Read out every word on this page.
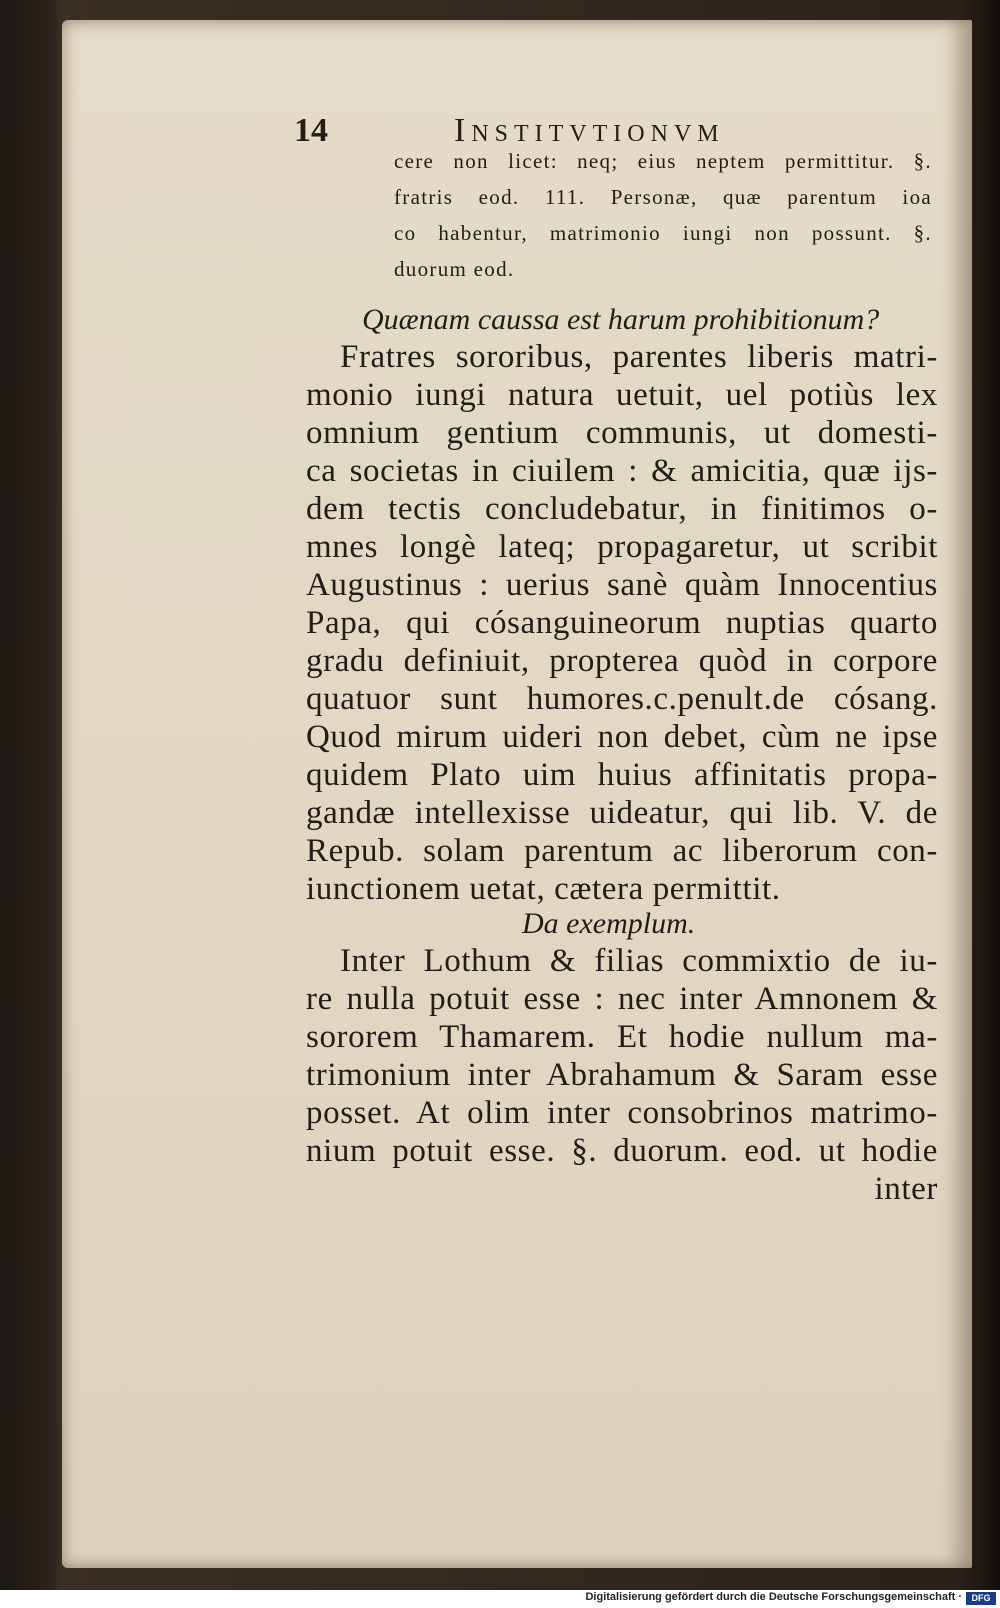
14	Institvtionvm
cere non licet: neq; eius neptem permittitur. §.
fratris eod. 111. Personæ, quæ parentum ioa
co habentur, matrimonio iungi non possunt. §.
duorum eod.
Quænam caussa est harum prohibitionum?
Fratres sororibus, parentes liberis matri-
monio iungi natura uetuit, uel potiùs lex
omnium gentium communis, ut domesti-
ca societas in ciuilem : & amicitia, quæ ijs-
dem tectis concludebatur, in finitimos o-
mnes longè lateq; propagaretur, ut scribit
Augustinus : uerius sanè quàm Innocentius
Papa, qui cósanguineorum nuptias quarto
gradu definiuit, propterea quòd in corpore
quatuor sunt humores.c.penult.de cósang.
Quod mirum uideri non debet, cùm ne ipse
quidem Plato uim huius affinitatis propa-
gandæ intellexisse uideatur, qui lib. V. de
Repub. solam parentum ac liberorum con-
iunctionem uetat, cætera permittit.
Da exemplum.
Inter Lothum & filias commixtio de iu-
re nulla potuit esse : nec inter Amnonem &
sororem Thamarem. Et hodie nullum ma-
trimonium inter Abrahamum & Saram esse
posset. At olim inter consobrinos matrimo-
nium potuit esse. §. duorum. eod. ut hodie
inter
Digitalisierung gefördert durch die Deutsche Forschungsgemeinschaft ·	DFG
